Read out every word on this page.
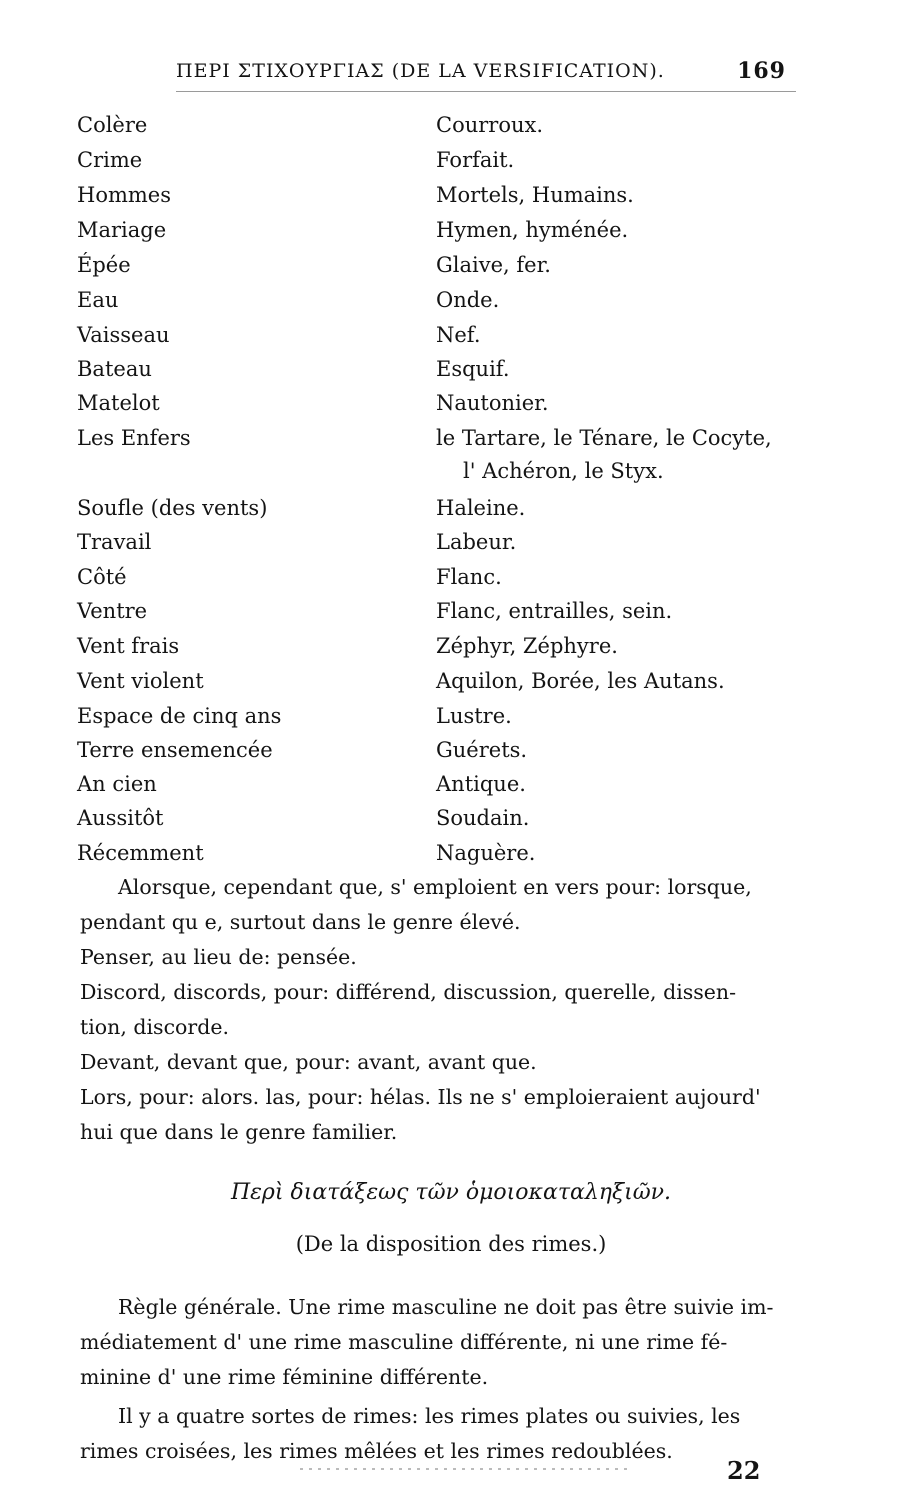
ΠΕΡΙ ΣΤΙΧΟΥΡΓΙΑΣ (DE LA VERSIFICATION).	169
Colère	Courroux.
Crime	Forfait.
Hommes	Mortels, Humains.
Mariage	Hymen, hyménée.
Épée	Glaive, fer.
Eau	Onde.
Vaisseau	Nef.
Bateau	Esquif.
Matelot	Nautonier.
Les Enfers	le Tartare, le Ténare, le Cocyte,
l' Achéron, le Styx.
Soufle (des vents)	Haleine.
Travail	Labeur.
Côté	Flanc.
Ventre	Flanc, entrailles, sein.
Vent frais	Zéphyr, Zéphyre.
Vent violent	Aquilon, Borée, les Autans.
Espace de cinq ans	Lustre.
Terre ensemencée	Guérets.
An cien	Antique.
Aussitôt	Soudain.
Récemment	Naguère.
Alorsque, cependant que, s' emploient en vers pour: lorsque,
pendant qu e, surtout dans le genre élevé.
Penser, au lieu de: pensée.
Discord, discords, pour: différend, discussion, querelle, dissen-
tion, discorde.
Devant, devant que, pour: avant, avant que.
Lors, pour: alors. las, pour: hélas. Ils ne s' emploieraient aujourd'
hui que dans le genre familier.
Περὶ διατάξεως τῶν ὁμοιοκαταληξιῶν.
(De la disposition des rimes.)

Règle générale. Une rime masculine ne doit pas être suivie im-
médiatement d' une rime masculine différente, ni une rime fé-
minine d' une rime féminine différente.

Il y a quatre sortes de rimes: les rimes plates ou suivies, les
rimes croisées, les rimes mêlées et les rimes redoublées.

22
